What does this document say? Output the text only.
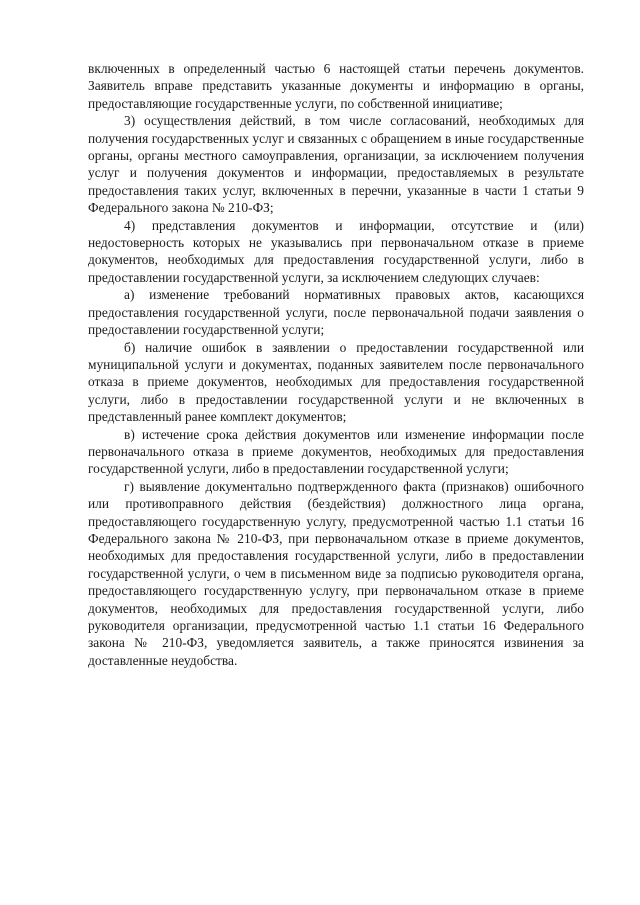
включенных в определенный частью 6 настоящей статьи перечень документов. Заявитель вправе представить указанные документы и информацию в органы, предоставляющие государственные услуги, по собственной инициативе;

3) осуществления действий, в том числе согласований, необходимых для получения государственных услуг и связанных с обращением в иные государственные органы, органы местного самоуправления, организации, за исключением получения услуг и получения документов и информации, предоставляемых в результате предоставления таких услуг, включенных в перечни, указанные в части 1 статьи 9 Федерального закона № 210-ФЗ;

4) представления документов и информации, отсутствие и (или) недостоверность которых не указывались при первоначальном отказе в приеме документов, необходимых для предоставления государственной услуги, либо в предоставлении государственной услуги, за исключением следующих случаев:

а) изменение требований нормативных правовых актов, касающихся предоставления государственной услуги, после первоначальной подачи заявления о предоставлении государственной услуги;

б) наличие ошибок в заявлении о предоставлении государственной или муниципальной услуги и документах, поданных заявителем после первоначального отказа в приеме документов, необходимых для предоставления государственной услуги, либо в предоставлении государственной услуги и не включенных в представленный ранее комплект документов;

в) истечение срока действия документов или изменение информации после первоначального отказа в приеме документов, необходимых для предоставления государственной услуги, либо в предоставлении государственной услуги;

г) выявление документально подтвержденного факта (признаков) ошибочного или противоправного действия (бездействия) должностного лица органа, предоставляющего государственную услугу, предусмотренной частью 1.1 статьи 16 Федерального закона № 210-ФЗ, при первоначальном отказе в приеме документов, необходимых для предоставления государственной услуги, либо в предоставлении государственной услуги, о чем в письменном виде за подписью руководителя органа, предоставляющего государственную услугу, при первоначальном отказе в приеме документов, необходимых для предоставления государственной услуги, либо руководителя организации, предусмотренной частью 1.1 статьи 16 Федерального закона № 210-ФЗ, уведомляется заявитель, а также приносятся извинения за доставленные неудобства.
